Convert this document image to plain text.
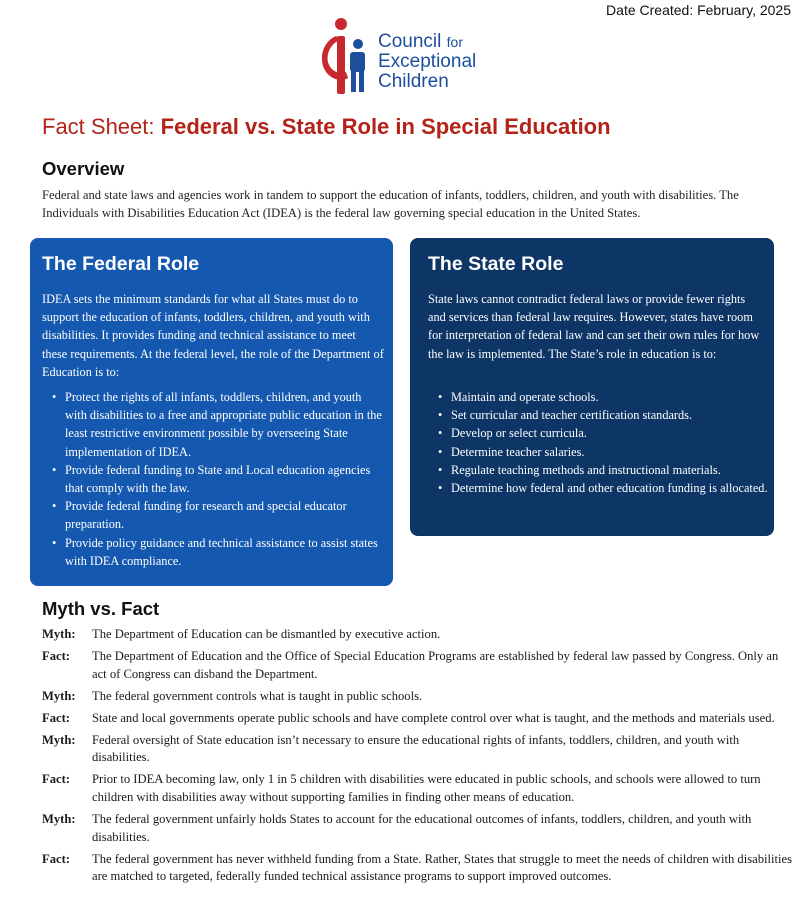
Date Created: February, 2025
Council for
Exceptional
Children
Fact Sheet: Federal vs. State Role in Special Education
Overview
Federal and state laws and agencies work in tandem to support the education of infants, toddlers, children, and youth with disabilities. The Individuals with Disabilities Education Act (IDEA) is the federal law governing special education in the United States.
The Federal Role
IDEA sets the minimum standards for what all States must do to support the education of infants, toddlers, children, and youth with disabilities. It provides funding and technical assistance to meet these requirements. At the federal level, the role of the Department of Education is to:
• Protect the rights of all infants, toddlers, children, and youth with disabilities to a free and appropriate public education in the least restrictive environment possible by overseeing State implementation of IDEA.
• Provide federal funding to State and Local education agencies that comply with the law.
• Provide federal funding for research and special educator preparation.
• Provide policy guidance and technical assistance to assist states with IDEA compliance.
The State Role
State laws cannot contradict federal laws or provide fewer rights and services than federal law requires. However, states have room for interpretation of federal law and can set their own rules for how the law is implemented. The State’s role in education is to:
• Maintain and operate schools.
• Set curricular and teacher certification standards.
• Develop or select curricula.
• Determine teacher salaries.
• Regulate teaching methods and instructional materials.
• Determine how federal and other education funding is allocated.
Myth vs. Fact
Myth:	The Department of Education can be dismantled by executive action.
Fact:	The Department of Education and the Office of Special Education Programs are established by federal law passed by Congress. Only an act of Congress can disband the Department.
Myth:	The federal government controls what is taught in public schools.
Fact:	State and local governments operate public schools and have complete control over what is taught, and the methods and materials used.
Myth:	Federal oversight of State education isn’t necessary to ensure the educational rights of infants, toddlers, children, and youth with disabilities.
Fact:	Prior to IDEA becoming law, only 1 in 5 children with disabilities were educated in public schools, and schools were allowed to turn children with disabilities away without supporting families in finding other means of education.
Myth:	The federal government unfairly holds States to account for the educational outcomes of infants, toddlers, children, and youth with disabilities.
Fact:	The federal government has never withheld funding from a State. Rather, States that struggle to meet the needs of children with disabilities are matched to targeted, federally funded technical assistance programs to support improved outcomes.
